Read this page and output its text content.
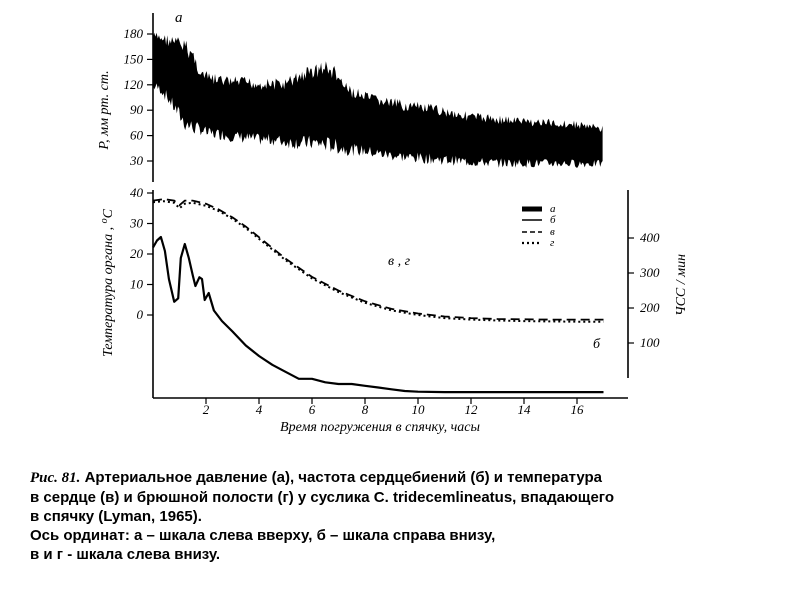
a
P, мм рт. ст.
30
60
90
120
150
180
0
10
20
30
40
100
200
300
400
2	4	6	8	10	12	14	16
Температура органа , $^o$C
ЧСС / мин
Время погружения в спячку, часы
в , г
б
a
б
в
г
Рис. 81. Артериальное давление (а), частота сердцебиений (б) и температура
в сердце (в) и брюшной полости (г) у суслика C. tridecemlineatus, впадающего
в спячку (Lyman, 1965).
Ось ординат: а – шкала слева вверху, б – шкала справа внизу,
в и г - шкала слева внизу.
